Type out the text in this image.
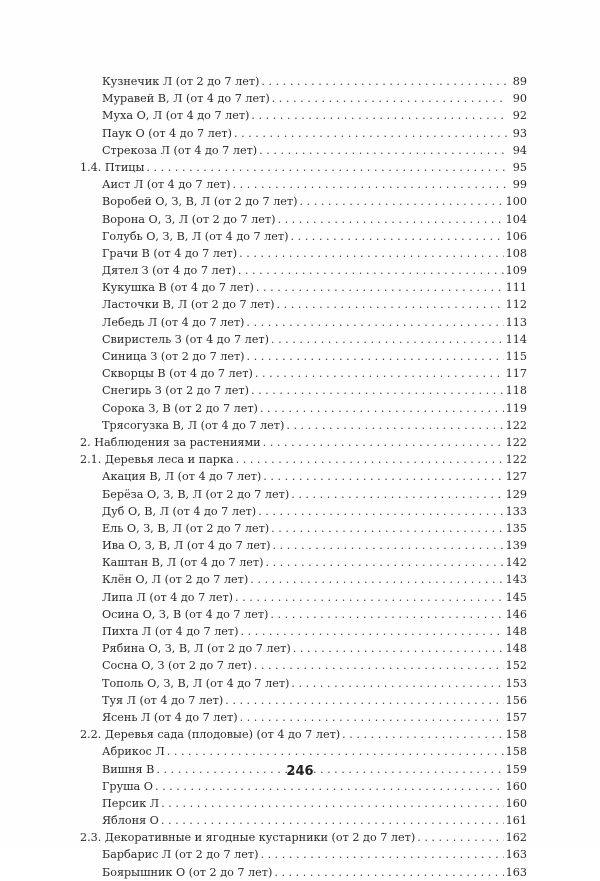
Кузнечик Л (от 2 до 7 лет) . . .	89
Муравей В, Л (от 4 до 7 лет) . . .	90
Муха О, Л (от 4 до 7 лет) . . .	92
Паук О (от 4 до 7 лет) . . .	93
Стрекоза Л (от 4 до 7 лет) . . .	94
1.4. Птицы . . .	95
Аист Л (от 4 до 7 лет) . . .	99
Воробей О, З, В, Л (от 2 до 7 лет) . . .	100
Ворона О, З, Л (от 2 до 7 лет) . . .	104
Голубь О, З, В, Л (от 4 до 7 лет) . . .	106
Грачи В (от 4 до 7 лет) . . .	108
Дятел З (от 4 до 7 лет) . . .	109
Кукушка В (от 4 до 7 лет) . . .	111
Ласточки В, Л (от 2 до 7 лет) . . .	112
Лебедь Л (от 4 до 7 лет) . . .	113
Свиристель З (от 4 до 7 лет) . . .	114
Синица З (от 2 до 7 лет) . . .	115
Скворцы В (от 4 до 7 лет) . . .	117
Снегирь З (от 2 до 7 лет) . . .	118
Сорока З, В (от 2 до 7 лет) . . .	119
Трясогузка В, Л (от 4 до 7 лет) . . .	122
2. Наблюдения за растениями . . .	122
2.1. Деревья леса и парка . . .	122
Акация В, Л (от 4 до 7 лет) . . .	127
Берёза О, З, В, Л (от 2 до 7 лет) . . .	129
Дуб О, В, Л (от 4 до 7 лет) . . .	133
Ель О, З, В, Л (от 2 до 7 лет) . . .	135
Ива О, З, В, Л (от 4 до 7 лет) . . .	139
Каштан В, Л (от 4 до 7 лет) . . .	142
Клён О, Л (от 2 до 7 лет) . . .	143
Липа Л (от 4 до 7 лет) . . .	145
Осина О, З, В (от 4 до 7 лет) . . .	146
Пихта Л (от 4 до 7 лет) . . .	148
Рябина О, З, В, Л (от 2 до 7 лет) . . .	148
Сосна О, З (от 2 до 7 лет) . . .	152
Тополь О, З, В, Л (от 4 до 7 лет) . . .	153
Туя Л (от 4 до 7 лет) . . .	156
Ясень Л (от 4 до 7 лет) . . .	157
2.2. Деревья сада (плодовые) (от 4 до 7 лет) . . .	158
Абрикос Л . . .	158
Вишня В . . .	159
Груша О . . .	160
Персик Л . . .	160
Яблоня О . . .	161
2.3. Декоративные и ягодные кустарники (от 2 до 7 лет) . . .	162
Барбарис Л (от 2 до 7 лет) . . .	163
Боярышник О (от 2 до 7 лет) . . .	163
246
